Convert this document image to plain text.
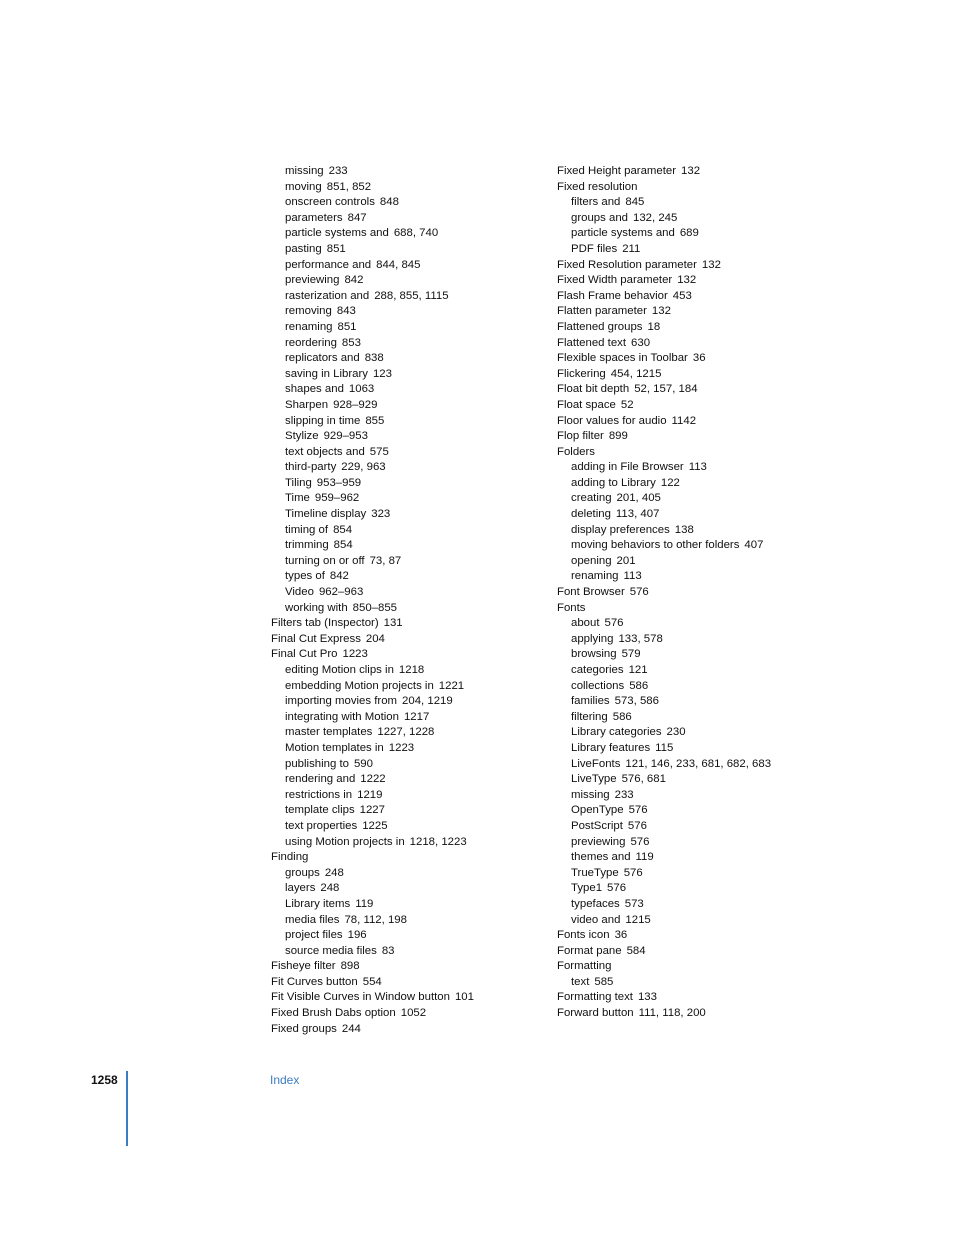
missing 233
moving 851, 852
onscreen controls 848
parameters 847
particle systems and 688, 740
pasting 851
performance and 844, 845
previewing 842
rasterization and 288, 855, 1115
removing 843
renaming 851
reordering 853
replicators and 838
saving in Library 123
shapes and 1063
Sharpen 928–929
slipping in time 855
Stylize 929–953
text objects and 575
third-party 229, 963
Tiling 953–959
Time 959–962
Timeline display 323
timing of 854
trimming 854
turning on or off 73, 87
types of 842
Video 962–963
working with 850–855
Filters tab (Inspector) 131
Final Cut Express 204
Final Cut Pro 1223
editing Motion clips in 1218
embedding Motion projects in 1221
importing movies from 204, 1219
integrating with Motion 1217
master templates 1227, 1228
Motion templates in 1223
publishing to 590
rendering and 1222
restrictions in 1219
template clips 1227
text properties 1225
using Motion projects in 1218, 1223
Finding
groups 248
layers 248
Library items 119
media files 78, 112, 198
project files 196
source media files 83
Fisheye filter 898
Fit Curves button 554
Fit Visible Curves in Window button 101
Fixed Brush Dabs option 1052
Fixed groups 244
Fixed Height parameter 132
Fixed resolution
filters and 845
groups and 132, 245
particle systems and 689
PDF files 211
Fixed Resolution parameter 132
Fixed Width parameter 132
Flash Frame behavior 453
Flatten parameter 132
Flattened groups 18
Flattened text 630
Flexible spaces in Toolbar 36
Flickering 454, 1215
Float bit depth 52, 157, 184
Float space 52
Floor values for audio 1142
Flop filter 899
Folders
adding in File Browser 113
adding to Library 122
creating 201, 405
deleting 113, 407
display preferences 138
moving behaviors to other folders 407
opening 201
renaming 113
Font Browser 576
Fonts
about 576
applying 133, 578
browsing 579
categories 121
collections 586
families 573, 586
filtering 586
Library categories 230
Library features 115
LiveFonts 121, 146, 233, 681, 682, 683
LiveType 576, 681
missing 233
OpenType 576
PostScript 576
previewing 576
themes and 119
TrueType 576
Type1 576
typefaces 573
video and 1215
Fonts icon 36
Format pane 584
Formatting
text 585
Formatting text 133
Forward button 111, 118, 200
1258	Index
